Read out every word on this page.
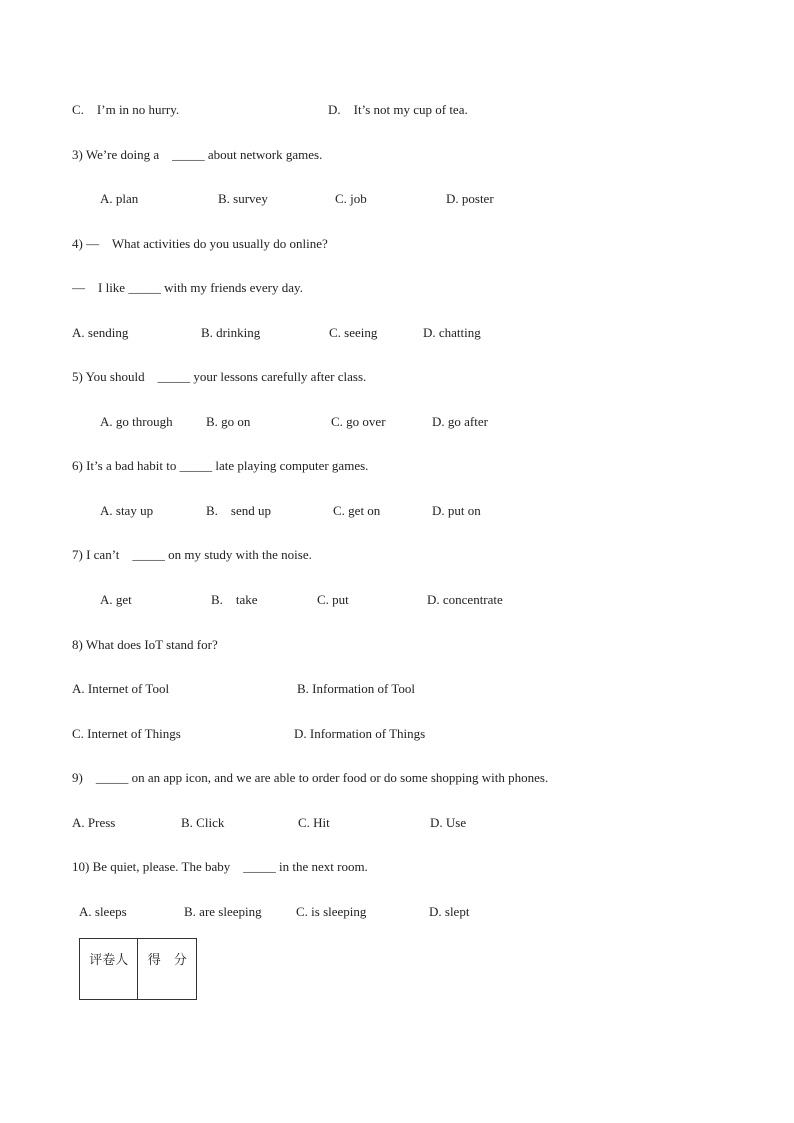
C.    I’m in no hurry.	D.    It’s not my cup of tea.
3) We’re doing a    _____ about network games.
A. plan	B. survey	C. job	D. poster
4) —    What activities do you usually do online?
—    I like _____ with my friends every day.
A. sending	B. drinking	C. seeing	D. chatting
5) You should    _____ your lessons carefully after class.
A. go through	B. go on	C. go over	D. go after
6) It’s a bad habit to _____ late playing computer games.
A. stay up	B.    send up	C. get on	D. put on
7) I can’t    _____ on my study with the noise.
A. get	B.    take	C. put	D. concentrate
8) What does IoT stand for?
A. Internet of Tool	B. Information of Tool
C. Internet of Things	D. Information of Things
9)    _____ on an app icon, and we are able to order food or do some shopping with phones.
A. Press	B. Click	C. Hit	D. Use
10) Be quiet, please. The baby    _____ in the next room.
A. sleeps	B. are sleeping	C. is sleeping	D. slept
评卷人	得　分
